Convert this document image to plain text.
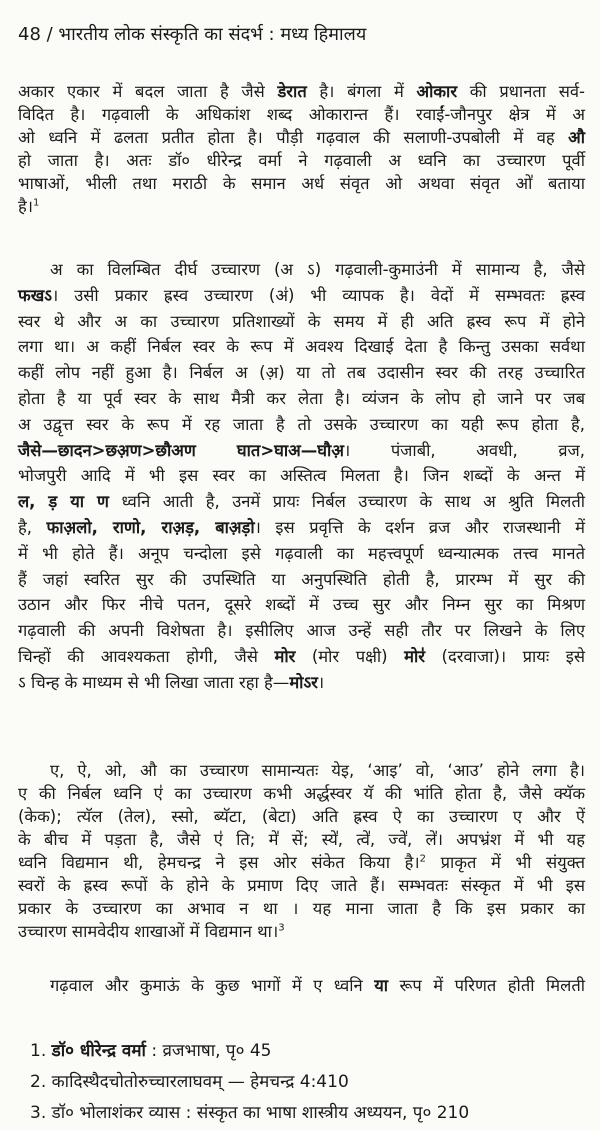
48 / भारतीय लोक संस्कृति का संदर्भ : मध्य हिमालय
अकार एकार में बदल जाता है जैसे डेरात है। बंगला में ओकार की प्रधानता सर्व-
विदित है। गढ़वाली के अधिकांश शब्द ओकारान्त हैं। रवाईं-जौनपुर क्षेत्र में अ
ओ ध्वनि में ढलता प्रतीत होता है। पौड़ी गढ़वाल की सलाणी-उपबोली में वह औ
हो जाता है। अतः डॉ० धीरेन्द्र वर्मा ने गढ़वाली अ ध्वनि का उच्चारण पूर्वी
भाषाओं, भीली तथा मराठी के समान अर्ध संवृत ओ अथवा संवृत ओ॑ बताया
है।$^1$
अ का विलम्बित दीर्घ उच्चारण (अ ऽ) गढ़वाली-कुमाउंनी में सामान्य है, जैसे
फखऽ। उसी प्रकार ह्रस्व उच्चारण (अ॑) भी व्यापक है। वेदों में सम्भवतः ह्रस्व
स्वर थे और अ का उच्चारण प्रतिशाख्यों के समय में ही अति ह्रस्व रूप में होने
लगा था। अ कहीं निर्बल स्वर के रूप में अवश्य दिखाई देता है किन्तु उसका सर्वथा
कहीं लोप नहीं हुआ है। निर्बल अ (अ़) या तो तब उदासीन स्वर की तरह उच्चारित
होता है या पूर्व स्वर के साथ मैत्री कर लेता है। व्यंजन के लोप हो जाने पर जब
अ उद्वृत्त स्वर के रूप में रह जाता है तो उसके उच्चारण का यही रूप होता है,
जैसे—छादन>छअ़ण>छौअण घात>घाअ—घौअ़। पंजाबी, अवधी, व्रज,
भोजपुरी आदि में भी इस स्वर का अस्तित्व मिलता है। जिन शब्दों के अन्त में
ल, ड़ या ण ध्वनि आती है, उनमें प्रायः निर्बल उच्चारण के साथ अ श्रुति मिलती
है, फाअ़लो, राणो, राअ़ड़, बाअ़ड़ो। इस प्रवृत्ति के दर्शन व्रज और राजस्थानी में
में भी होते हैं। अनूप चन्दोला इसे गढ़वाली का महत्त्वपूर्ण ध्वन्यात्मक तत्त्व मानते
हैं जहां स्वरित सुर की उपस्थिति या अनुपस्थिति होती है, प्रारम्भ में सुर की
उठान और फिर नीचे पतन, दूसरे शब्दों में उच्च सुर और निम्न सुर का मिश्रण
गढ़वाली की अपनी विशेषता है। इसीलिए आज उन्हें सही तौर पर लिखने के लिए
चिन्हों की आवश्यकता होगी, जैसे मोर (मोर पक्षी) मोर॑ (दरवाजा)। प्रायः इसे
ऽ चिन्ह के माध्यम से भी लिखा जाता रहा है—मोऽर।
ए, ऐ, ओ, औ का उच्चारण सामान्यतः येइ, ‘आइ’ वो, ‘आउ’ होने लगा है।
ए की निर्बल ध्वनि ए॑ का उच्चारण कभी अर्द्धस्वर यॅ की भांति होता है, जैसे क्यॅक
(केक); त्यॅल (तेल), स्सो, ब्यॅटा, (बेटा) अति ह्रस्व ऐ का उच्चारण ए और ऐं
के बीच में पड़ता है, जैसे ए॑ ति; मे॑ सें; स्ये॑, त्वे॑, ज्वे॑, ले॑। अपभ्रंश में भी यह
ध्वनि विद्यमान थी, हेमचन्द्र ने इस ओर संकेत किया है।$^2$ प्राकृत में भी संयुक्त
स्वरों के ह्रस्व रूपों के होने के प्रमाण दिए जाते हैं। सम्भवतः संस्कृत में भी इस
प्रकार के उच्चारण का अभाव न था । यह माना जाता है कि इस प्रकार का
उच्चारण सामवेदीय शाखाओं में विद्यमान था।$^3$
गढ़वाल और कुमाऊं के कुछ भागों में ए ध्वनि या रूप में परिणत होती मिलती
1. डॉ० धीरेन्द्र वर्मा : व्रजभाषा, पृ० 45
2. कादिस्थैदचोतोरुच्चारलाघवम् — हेमचन्द्र 4:410
3. डॉ० भोलाशंकर व्यास : संस्कृत का भाषा शास्त्रीय अध्ययन, पृ० 210
